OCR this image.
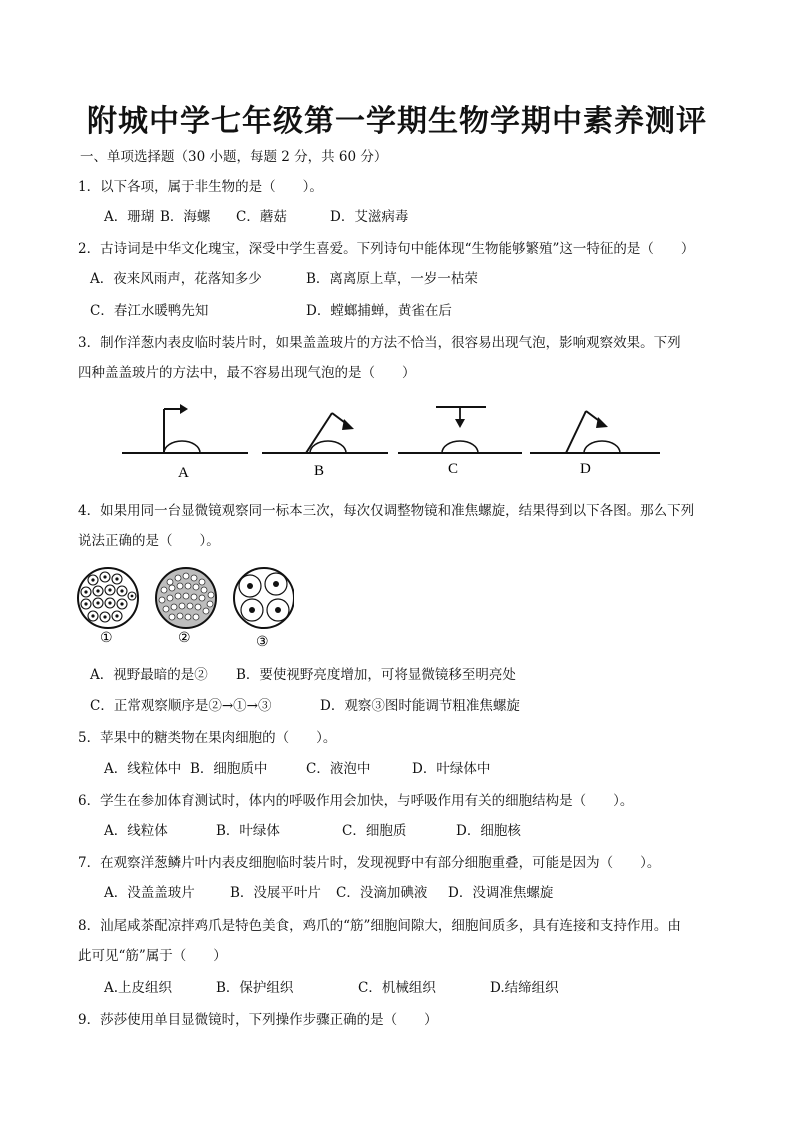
附城中学七年级第一学期生物学期中素养测评
一、单项选择题（30 小题，每题 2 分，共 60 分）
1．以下各项，属于非生物的是（　　）。
A．珊瑚 B．海螺 C．蘑菇	D．艾滋病毒
2．古诗词是中华文化瑰宝，深受中学生喜爱。下列诗句中能体现“生物能够繁殖”这一特征的是（　　）
A．夜来风雨声，花落知多少	B．离离原上草，一岁一枯荣
C．春江水暖鸭先知	D．螳螂捕蝉，黄雀在后
3．制作洋葱内表皮临时装片时，如果盖盖玻片的方法不恰当，很容易出现气泡，影响观察效果。下列
四种盖盖玻片的方法中，最不容易出现气泡的是（　　）
A	B	C	D
4．如果用同一台显微镜观察同一标本三次，每次仅调整物镜和准焦螺旋，结果得到以下各图。那么下列
说法正确的是（　　）。
①	②	③
A．视野最暗的是② B．要使视野亮度增加，可将显微镜移至明亮处
C．正常观察顺序是②→①→③	D．观察③图时能调节粗准焦螺旋
5．苹果中的糖类物在果肉细胞的（　　）。
A．线粒体中 B．细胞质中	C．液泡中	D．叶绿体中
6．学生在参加体育测试时，体内的呼吸作用会加快，与呼吸作用有关的细胞结构是（　　）。
A．线粒体	B．叶绿体	C．细胞质	D．细胞核
7．在观察洋葱鳞片叶内表皮细胞临时装片时，发现视野中有部分细胞重叠，可能是因为（　　）。
A．没盖盖玻片	B．没展平叶片 C．没滴加碘液 D．没调准焦螺旋
8．汕尾咸茶配凉拌鸡爪是特色美食，鸡爪的“筋”细胞间隙大，细胞间质多，具有连接和支持作用。由
此可见“筋”属于（　　）
A.上皮组织	B．保护组织	C．机械组织	D.结缔组织
9．莎莎使用单目显微镜时，下列操作步骤正确的是（　　）
